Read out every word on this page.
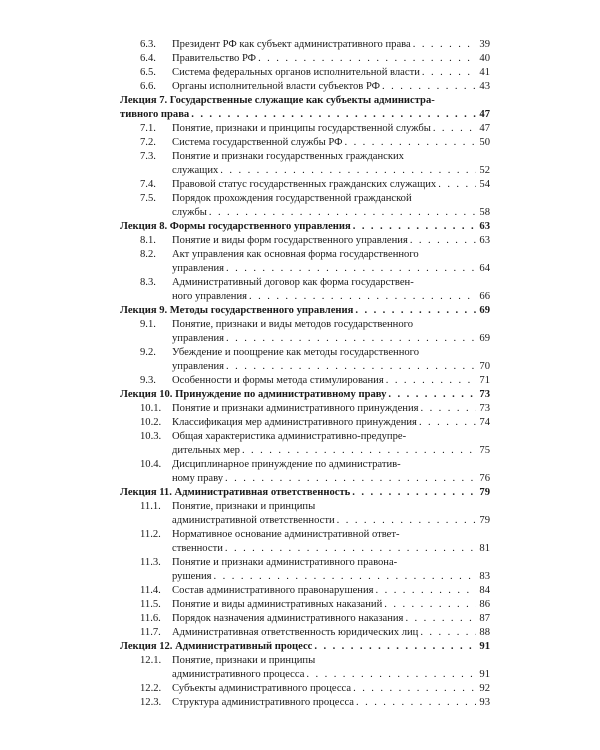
6.3.	Президент РФ как субъект административного права . . .	39
6.4.	Правительство РФ . . .	40
6.5.	Система федеральных органов исполнительной власти . . .	41
6.6.	Органы исполнительной власти субъектов РФ . . .	43
Лекция 7. Государственные служащие как субъекты администра-
тивного права . . .	47
7.1.	Понятие, признаки и принципы государственной службы . . .	47
7.2.	Система государственной службы РФ . . .	50
7.3.	Понятие и признаки государственных гражданских
служащих . . .	52
7.4.	Правовой статус государственных гражданских служащих . . .	54
7.5.	Порядок прохождения государственной гражданской
службы . . .	58
Лекция 8. Формы государственного управления . . .	63
8.1.	Понятие и виды форм государственного управления . . .	63
8.2.	Акт управления как основная форма государственного
управления . . .	64
8.3.	Административный договор как форма государствен-
ного управления . . .	66
Лекция 9. Методы государственного управления . . .	69
9.1.	Понятие, признаки и виды методов государственного
управления . . .	69
9.2.	Убеждение и поощрение как методы государственного
управления . . .	70
9.3.	Особенности и формы метода стимулирования . . .	71
Лекция 10. Принуждение по административному праву . . .	73
10.1.	Понятие и признаки административного принуждения . . .	73
10.2.	Классификация мер административного принуждения . . .	74
10.3.	Общая характеристика административно-предупре-
дительных мер . . .	75
10.4.	Дисциплинарное принуждение по административ-
ному праву . . .	76
Лекция 11. Административная ответственность . . .	79
11.1.	Понятие, признаки и принципы
административной ответственности . . .	79
11.2.	Нормативное основание административной ответ-
ственности . . .	81
11.3.	Понятие и признаки административного правона-
рушения . . .	83
11.4.	Состав административного правонарушения . . .	84
11.5.	Понятие и виды административных наказаний . . .	86
11.6.	Порядок назначения административного наказания . . .	87
11.7.	Административная ответственность юридических лиц . . .	88
Лекция 12. Административный процесс . . .	91
12.1.	Понятие, признаки и принципы
административного процесса . . .	91
12.2.	Субъекты административного процесса . . .	92
12.3.	Структура административного процесса . . .	93
